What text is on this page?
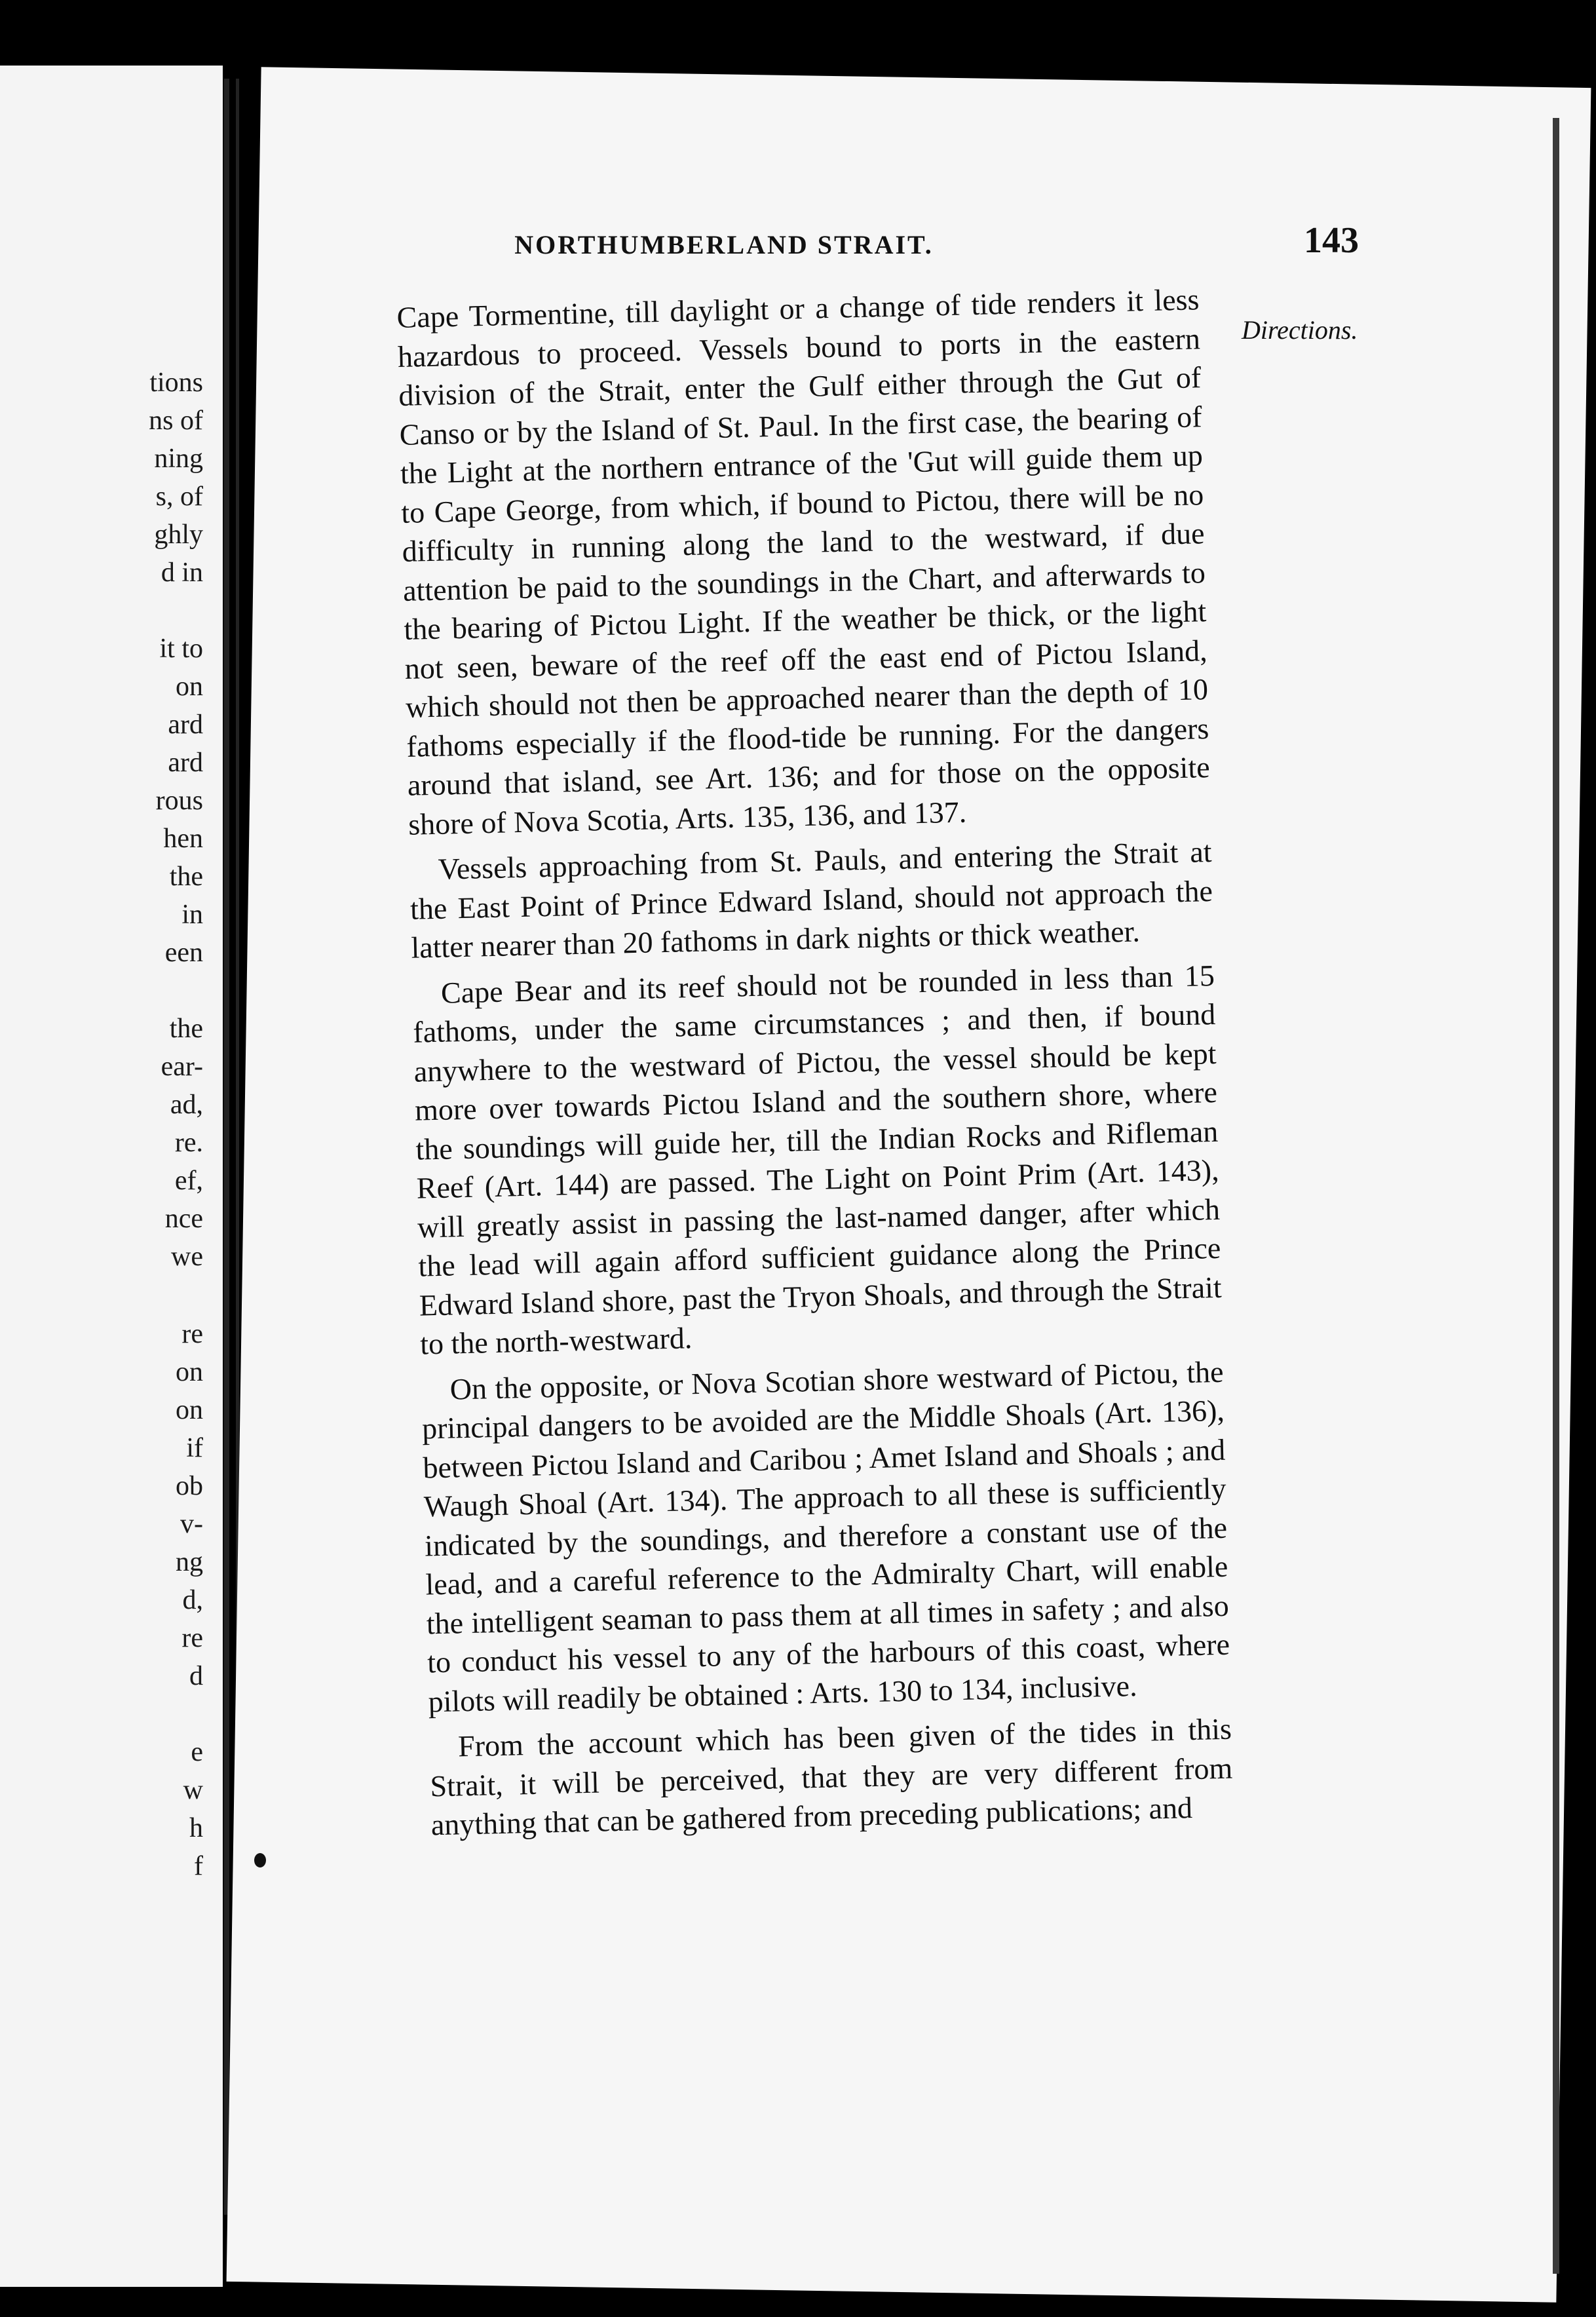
tions
ns of
ning
s, of
ghly
d in
it to
on
ard
ard
rous
hen
the
in
een
the
ear-
ad,
re.
ef,
nce
we
re
on
on
if
ob
v-
ng
d,
re
d
e
w
h
f
NORTHUMBERLAND STRAIT.	143
Directions.

Cape Tormentine, till daylight or a change of tide renders it less hazardous to proceed. Vessels bound to ports in the eastern division of the Strait, enter the Gulf either through the Gut of Canso or by the Island of St. Paul. In the first case, the bearing of the Light at the northern entrance of the 'Gut will guide them up to Cape George, from which, if bound to Pictou, there will be no difficulty in running along the land to the westward, if due attention be paid to the soundings in the Chart, and afterwards to the bearing of Pictou Light. If the weather be thick, or the light not seen, beware of the reef off the east end of Pictou Island, which should not then be approached nearer than the depth of 10 fathoms especially if the flood-tide be running. For the dangers around that island, see Art. 136; and for those on the opposite shore of Nova Scotia, Arts. 135, 136, and 137.

Vessels approaching from St. Pauls, and entering the Strait at the East Point of Prince Edward Island, should not approach the latter nearer than 20 fathoms in dark nights or thick weather.

Cape Bear and its reef should not be rounded in less than 15 fathoms, under the same circumstances ; and then, if bound anywhere to the westward of Pictou, the vessel should be kept more over towards Pictou Island and the southern shore, where the soundings will guide her, till the Indian Rocks and Rifleman Reef (Art. 144) are passed. The Light on Point Prim (Art. 143), will greatly assist in passing the last-named danger, after which the lead will again afford sufficient guidance along the Prince Edward Island shore, past the Tryon Shoals, and through the Strait to the north-westward.

On the opposite, or Nova Scotian shore westward of Pictou, the principal dangers to be avoided are the Middle Shoals (Art. 136), between Pictou Island and Caribou ; Amet Island and Shoals ; and Waugh Shoal (Art. 134). The approach to all these is sufficiently indicated by the soundings, and therefore a constant use of the lead, and a careful reference to the Admiralty Chart, will enable the intelligent seaman to pass them at all times in safety ; and also to conduct his vessel to any of the harbours of this coast, where pilots will readily be obtained : Arts. 130 to 134, inclusive.

From the account which has been given of the tides in this Strait, it will be perceived, that they are very different from anything that can be gathered from preceding publications; and
